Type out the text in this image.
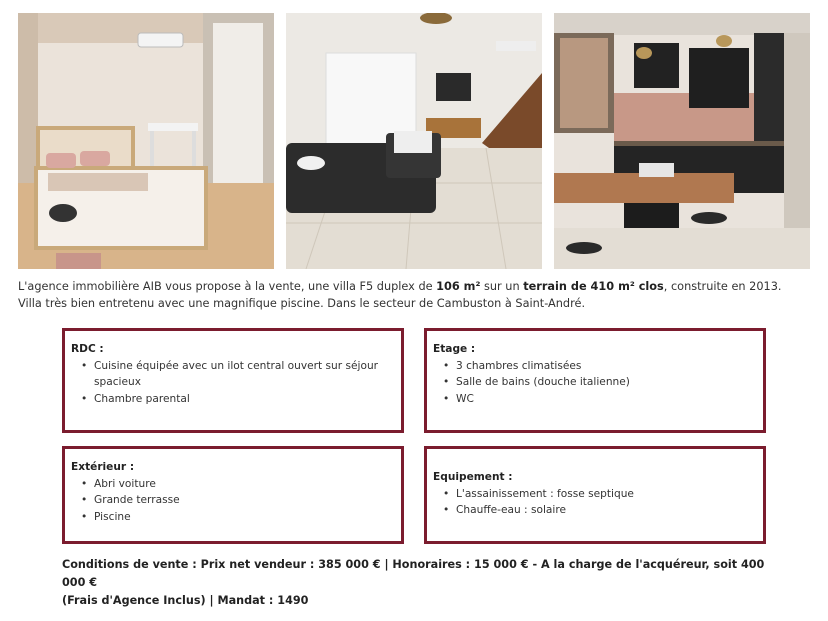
L'agence immobilière AIB vous propose à la vente, une villa F5 duplex de 106 m² sur un terrain de 410 m² clos, construite en 2013.
Villa très bien entretenu avec une magnifique piscine. Dans le secteur de Cambuston à Saint-André.
RDC :
• Cuisine équipée avec un ilot central ouvert sur séjour spacieux
• Chambre parental
Etage :
• 3 chambres climatisées
• Salle de bains (douche italienne)
• WC
Extérieur :
• Abri voiture
• Grande terrasse
• Piscine
Equipement :
• L'assainissement : fosse septique
• Chauffe-eau : solaire
Conditions de vente : Prix net vendeur : 385 000 € | Honoraires : 15 000 € - A la charge de l'acquéreur, soit 400 000 €
(Frais d'Agence Inclus) | Mandat : 1490
